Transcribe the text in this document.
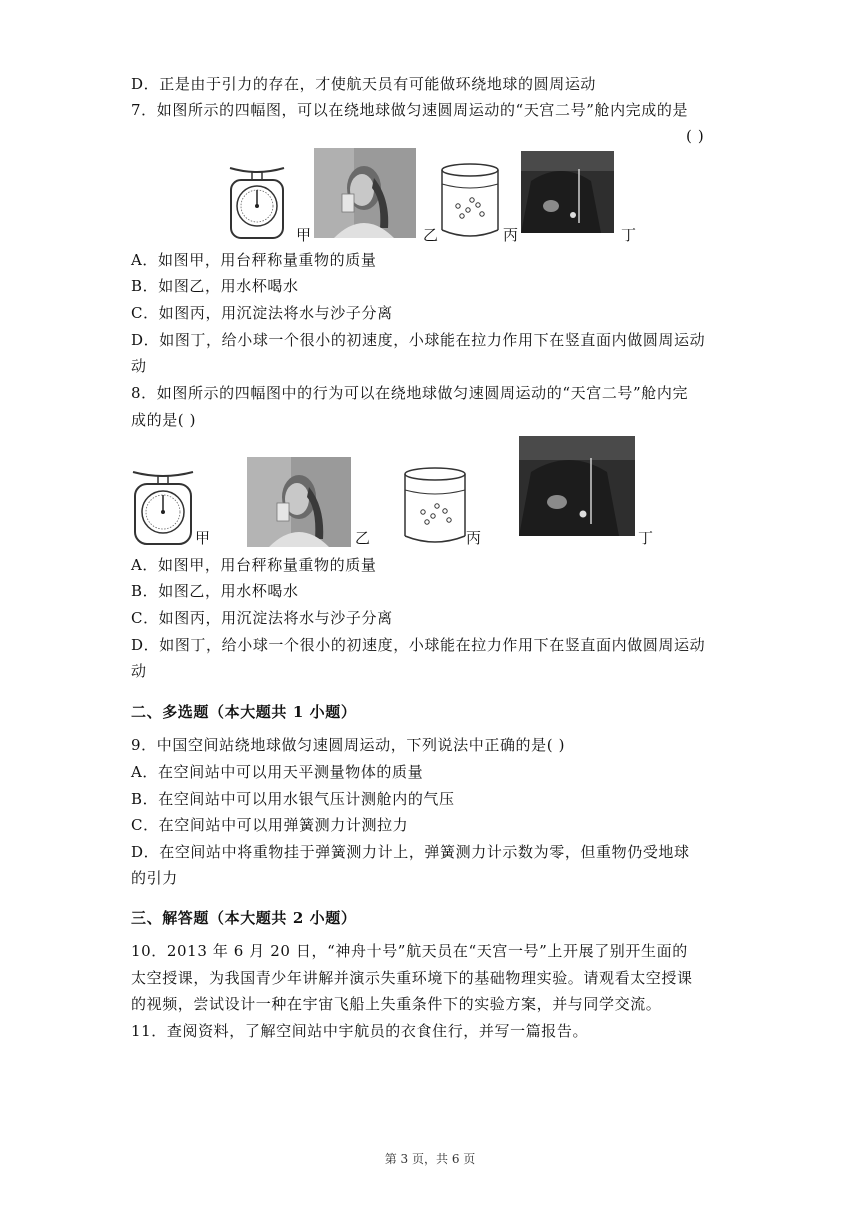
D．正是由于引力的存在，才使航天员有可能做环绕地球的圆周运动
7．如图所示的四幅图，可以在绕地球做匀速圆周运动的“天宫二号”舱内完成的是
( )
甲	乙	丙	丁
A．如图甲，用台秤称量重物的质量
B．如图乙，用水杯喝水
C．如图丙，用沉淀法将水与沙子分离
D．如图丁，给小球一个很小的初速度，小球能在拉力作用下在竖直面内做圆周运动
动
8．如图所示的四幅图中的行为可以在绕地球做匀速圆周运动的“天宫二号”舱内完
成的是( )
甲	乙	丙	丁
A．如图甲，用台秤称量重物的质量
B．如图乙，用水杯喝水
C．如图丙，用沉淀法将水与沙子分离
D．如图丁，给小球一个很小的初速度，小球能在拉力作用下在竖直面内做圆周运动
动
二、多选题（本大题共 1 小题）
9．中国空间站绕地球做匀速圆周运动，下列说法中正确的是( )
A．在空间站中可以用天平测量物体的质量
B．在空间站中可以用水银气压计测舱内的气压
C．在空间站中可以用弹簧测力计测拉力
D．在空间站中将重物挂于弹簧测力计上，弹簧测力计示数为零，但重物仍受地球
的引力
三、解答题（本大题共 2 小题）
10．2013 年 6 月 20 日，“神舟十号”航天员在“天宫一号”上开展了别开生面的
太空授课，为我国青少年讲解并演示失重环境下的基础物理实验。请观看太空授课
的视频，尝试设计一种在宇宙飞船上失重条件下的实验方案，并与同学交流。
11．查阅资料，了解空间站中宇航员的衣食住行，并写一篇报告。
第 3 页，共 6 页
